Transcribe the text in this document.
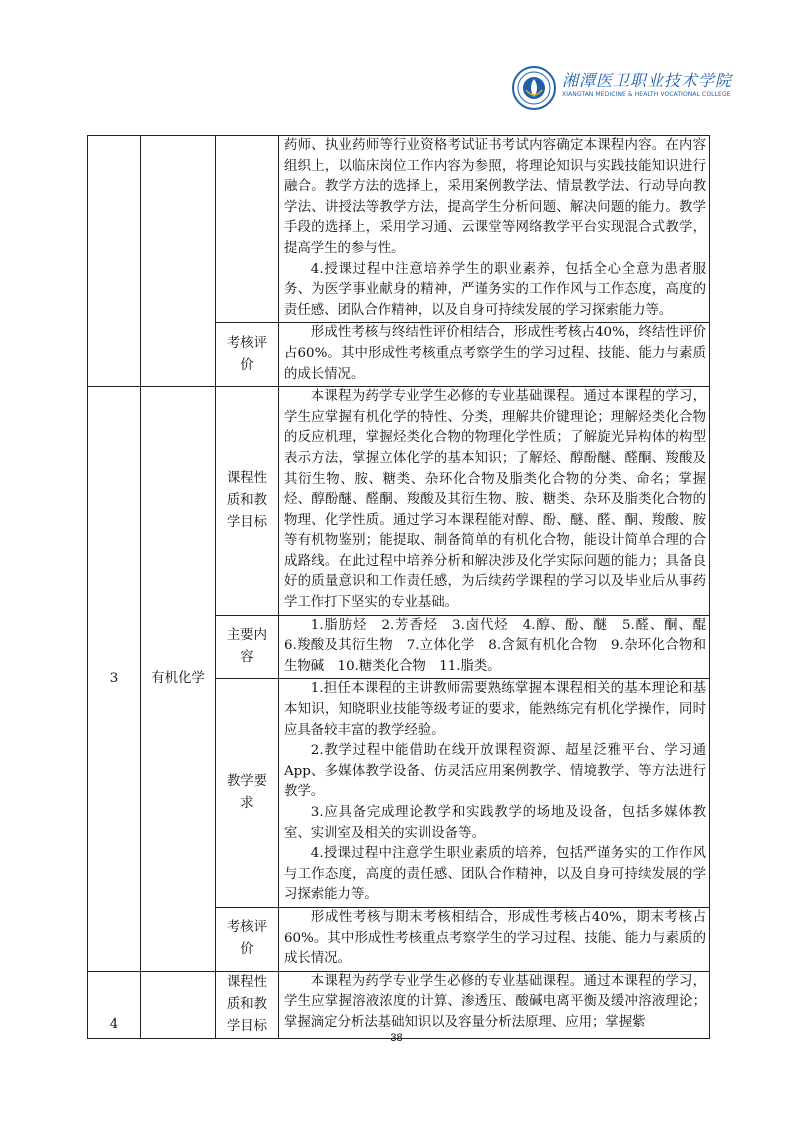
湘潭医卫职业技术学院
XIANGTAN MEDICINE & HEALTH VOCATIONAL COLLEGE

			药师、执业药师等行业资格考试证书考试内容确定本课程内容。在内容组织上，以临床岗位工作内容为参照，将理论知识与实践技能知识进行融合。教学方法的选择上，采用案例教学法、情景教学法、行动导向教学法、讲授法等教学方法，提高学生分析问题、解决问题的能力。教学手段的选择上，采用学习通、云课堂等网络教学平台实现混合式教学，提高学生的参与性。

4.授课过程中注意培养学生的职业素养，包括全心全意为患者服务、为医学事业献身的精神，严谨务实的工作作风与工作态度，高度的责任感、团队合作精神，以及自身可持续发展的学习探索能力等。

		考核评价	形成性考核与终结性评价相结合，形成性考核占40%，终结性评价占60%。其中形成性考核重点考察学生的学习过程、技能、能力与素质的成长情况。

3	有机化学	课程性质和教学目标	本课程为药学专业学生必修的专业基础课程。通过本课程的学习，学生应掌握有机化学的特性、分类，理解共价键理论；理解烃类化合物的反应机理，掌握烃类化合物的物理化学性质；了解旋光异构体的构型表示方法，掌握立体化学的基本知识；了解烃、醇酚醚、醛酮、羧酸及其衍生物、胺、糖类、杂环化合物及脂类化合物的分类、命名；掌握烃、醇酚醚、醛酮、羧酸及其衍生物、胺、糖类、杂环及脂类化合物的物理、化学性质。通过学习本课程能对醇、酚、醚、醛、酮、羧酸、胺等有机物鉴别；能提取、制备简单的有机化合物，能设计简单合理的合成路线。在此过程中培养分析和解决涉及化学实际问题的能力；具备良好的质量意识和工作责任感，为后续药学课程的学习以及毕业后从事药学工作打下坚实的专业基础。

		主要内容	1.脂肪烃　2.芳香烃　3.卤代烃　4.醇、酚、醚　5.醛、酮、醌　6.羧酸及其衍生物　7.立体化学　8.含氮有机化合物　9.杂环化合物和生物碱　10.糖类化合物　11.脂类。

		教学要求	1.担任本课程的主讲教师需要熟练掌握本课程相关的基本理论和基本知识，知晓职业技能等级考证的要求，能熟练完有机化学操作，同时应具备较丰富的教学经验。

2.教学过程中能借助在线开放课程资源、超星泛雅平台、学习通App、多媒体教学设备、仿灵活应用案例教学、情境教学、等方法进行教学。

3.应具备完成理论教学和实践教学的场地及设备，包括多媒体教室、实训室及相关的实训设备等。

4.授课过程中注意学生职业素质的培养，包括严谨务实的工作作风与工作态度，高度的责任感、团队合作精神，以及自身可持续发展的学习探索能力等。

		考核评价	形成性考核与期末考核相结合，形成性考核占40%，期末考核占60%。其中形成性考核重点考察学生的学习过程、技能、能力与素质的成长情况。

4		课程性质和教学目标	本课程为药学专业学生必修的专业基础课程。通过本课程的学习，学生应掌握溶液浓度的计算、渗透压、酸碱电离平衡及缓冲溶液理论；掌握滴定分析法基础知识以及容量分析法原理、应用；掌握紫

38
